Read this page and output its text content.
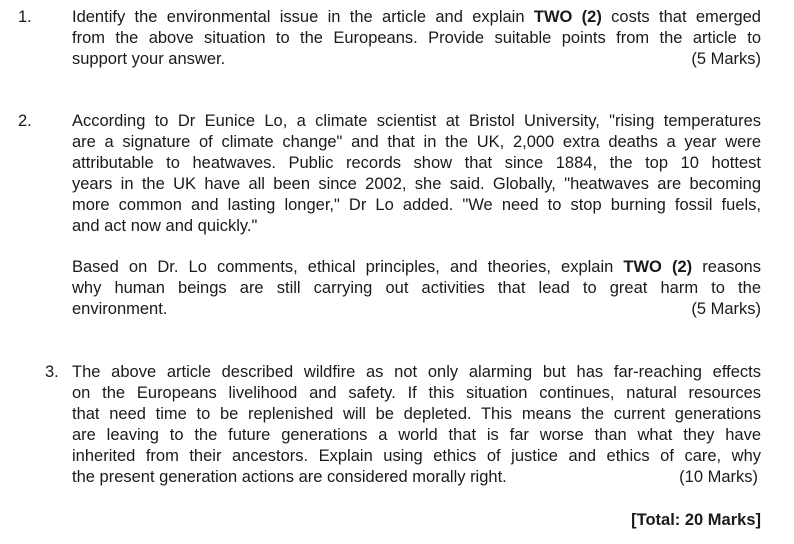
1. Identify the environmental issue in the article and explain TWO (2) costs that emerged
from the above situation to the Europeans. Provide suitable points from the article to
support your answer.	(5 Marks)
2. According to Dr Eunice Lo, a climate scientist at Bristol University, "rising temperatures
are a signature of climate change" and that in the UK, 2,000 extra deaths a year were
attributable to heatwaves. Public records show that since 1884, the top 10 hottest
years in the UK have all been since 2002, she said. Globally, "heatwaves are becoming
more common and lasting longer," Dr Lo added. "We need to stop burning fossil fuels,
and act now and quickly."
Based on Dr. Lo comments, ethical principles, and theories, explain TWO (2) reasons
why human beings are still carrying out activities that lead to great harm to the
environment.	(5 Marks)
3. The above article described wildfire as not only alarming but has far-reaching effects
on the Europeans livelihood and safety. If this situation continues, natural resources
that need time to be replenished will be depleted. This means the current generations
are leaving to the future generations a world that is far worse than what they have
inherited from their ancestors. Explain using ethics of justice and ethics of care, why
the present generation actions are considered morally right.	(10 Marks)
[Total: 20 Marks]
